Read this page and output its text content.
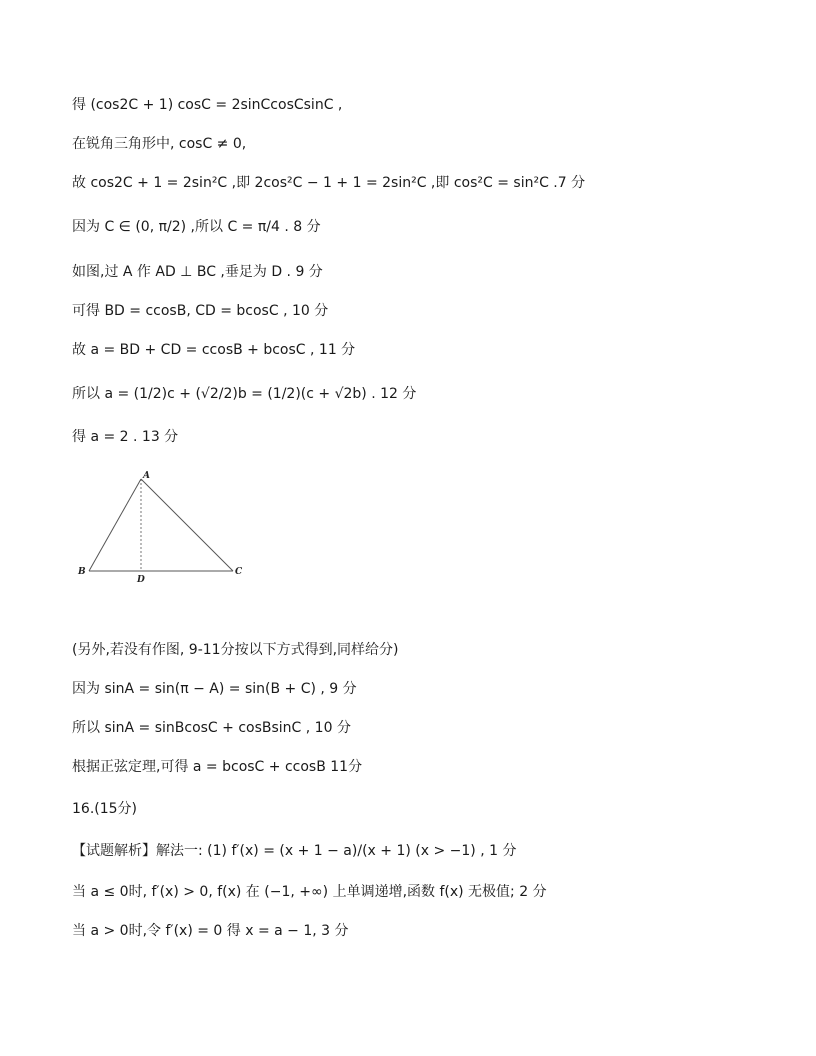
得 (cos2C + 1) cosC = 2sinCcosCsinC ,
在锐角三角形中, cosC ≠ 0,
故 cos2C + 1 = 2sin²C ,即 2cos²C − 1 + 1 = 2sin²C ,即 cos²C = sin²C .7 分
因为 C ∈ (0, π/2) ,所以 C = π/4 . 8 分
如图,过 A 作 AD ⊥ BC ,垂足为 D . 9 分
可得 BD = ccosB, CD = bcosC , 10 分
故 a = BD + CD = ccosB + bcosC , 11 分
所以 a = (1/2)c + (√2/2)b = (1/2)(c + √2b) . 12 分
得 a = 2 . 13 分
A
B	C
D
(另外,若没有作图, 9-11分按以下方式得到,同样给分)
因为 sinA = sin(π − A) = sin(B + C) , 9 分
所以 sinA = sinBcosC + cosBsinC , 10 分
根据正弦定理,可得 a = bcosC + ccosB 11分
16.(15分)
【试题解析】解法一: (1) f′(x) = (x + 1 − a)/(x + 1) (x > −1) , 1 分
当 a ≤ 0时, f′(x) > 0, f(x) 在 (−1, +∞) 上单调递增,函数 f(x) 无极值; 2 分
当 a > 0时,令 f′(x) = 0 得 x = a − 1, 3 分
